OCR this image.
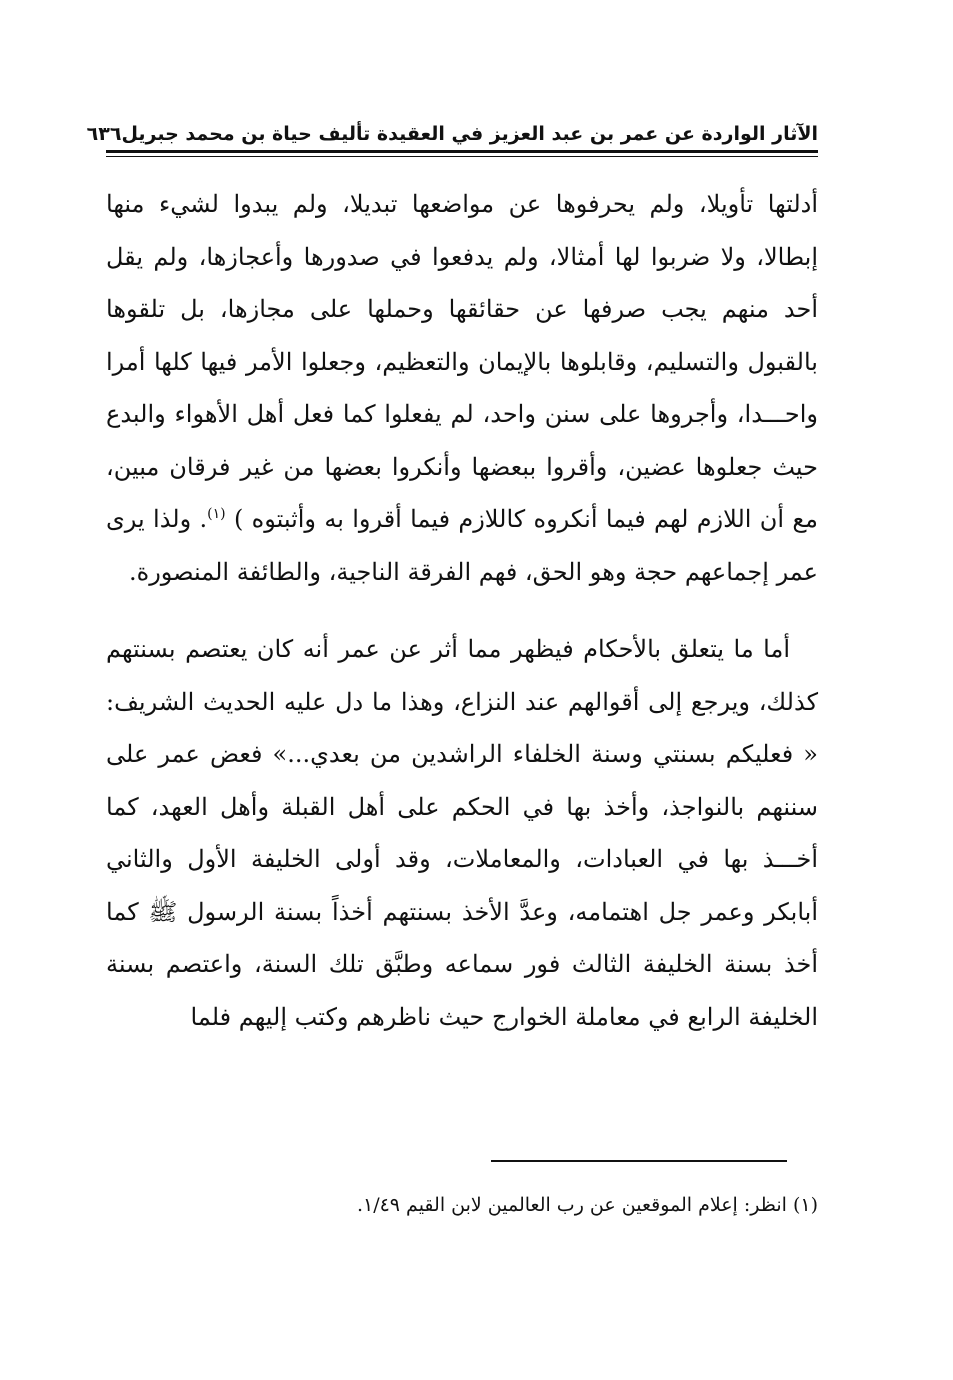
الآثار الواردة عن عمر بن عبد العزيز في العقيدة تأليف حياة بن محمد جبريل
٦٣٦

أدلتها تأويلا، ولم يحرفوها عن مواضعها تبديلا، ولم يبدوا لشيء منها إبطالا، ولا ضربوا لها أمثالا، ولم يدفعوا في صدورها وأعجازها، ولم يقل أحد منهم يجب صرفها عن حقائقها وحملها على مجازها، بل تلقوها بالقبول والتسليم، وقابلوها بالإيمان والتعظيم، وجعلوا الأمر فيها كلها أمرا واحـــدا، وأجروها على سنن واحد، لم يفعلوا كما فعل أهل الأهواء والبدع حيث جعلوها عضين، وأقروا ببعضها وأنكروا بعضها من غير فرقان مبين، مع أن اللازم لهم فيما أنكروه كاللازم فيما أقروا به وأثبتوه ) $^{(١)}$. ولذا يرى عمر إجماعهم حجة وهو الحق، فهم الفرقة الناجية، والطائفة المنصورة.

أما ما يتعلق بالأحكام فيظهر مما أثر عن عمر أنه كان يعتصم بسنتهم كذلك، ويرجع إلى أقوالهم عند النزاع، وهذا ما دل عليه الحديث الشريف: « فعليكم بسنتي وسنة الخلفاء الراشدين من بعدي...» فعض عمر على سننهم بالنواجذ، وأخذ بها في الحكم على أهل القبلة وأهل العهد، كما أخـــذ بها في العبادات، والمعاملات، وقد أولى الخليفة الأول والثاني أبابكر وعمر جل اهتمامه، وعدَّ الأخذ بسنتهم أخذاً بسنة الرسول ﷺ كما أخذ بسنة الخليفة الثالث فور سماعه وطبَّق تلك السنة، واعتصم بسنة الخليفة الرابع في معاملة الخوارج حيث ناظرهم وكتب إليهم فلما

(١) انظر: إعلام الموقعين عن رب العالمين لابن القيم ١/٤٩.
